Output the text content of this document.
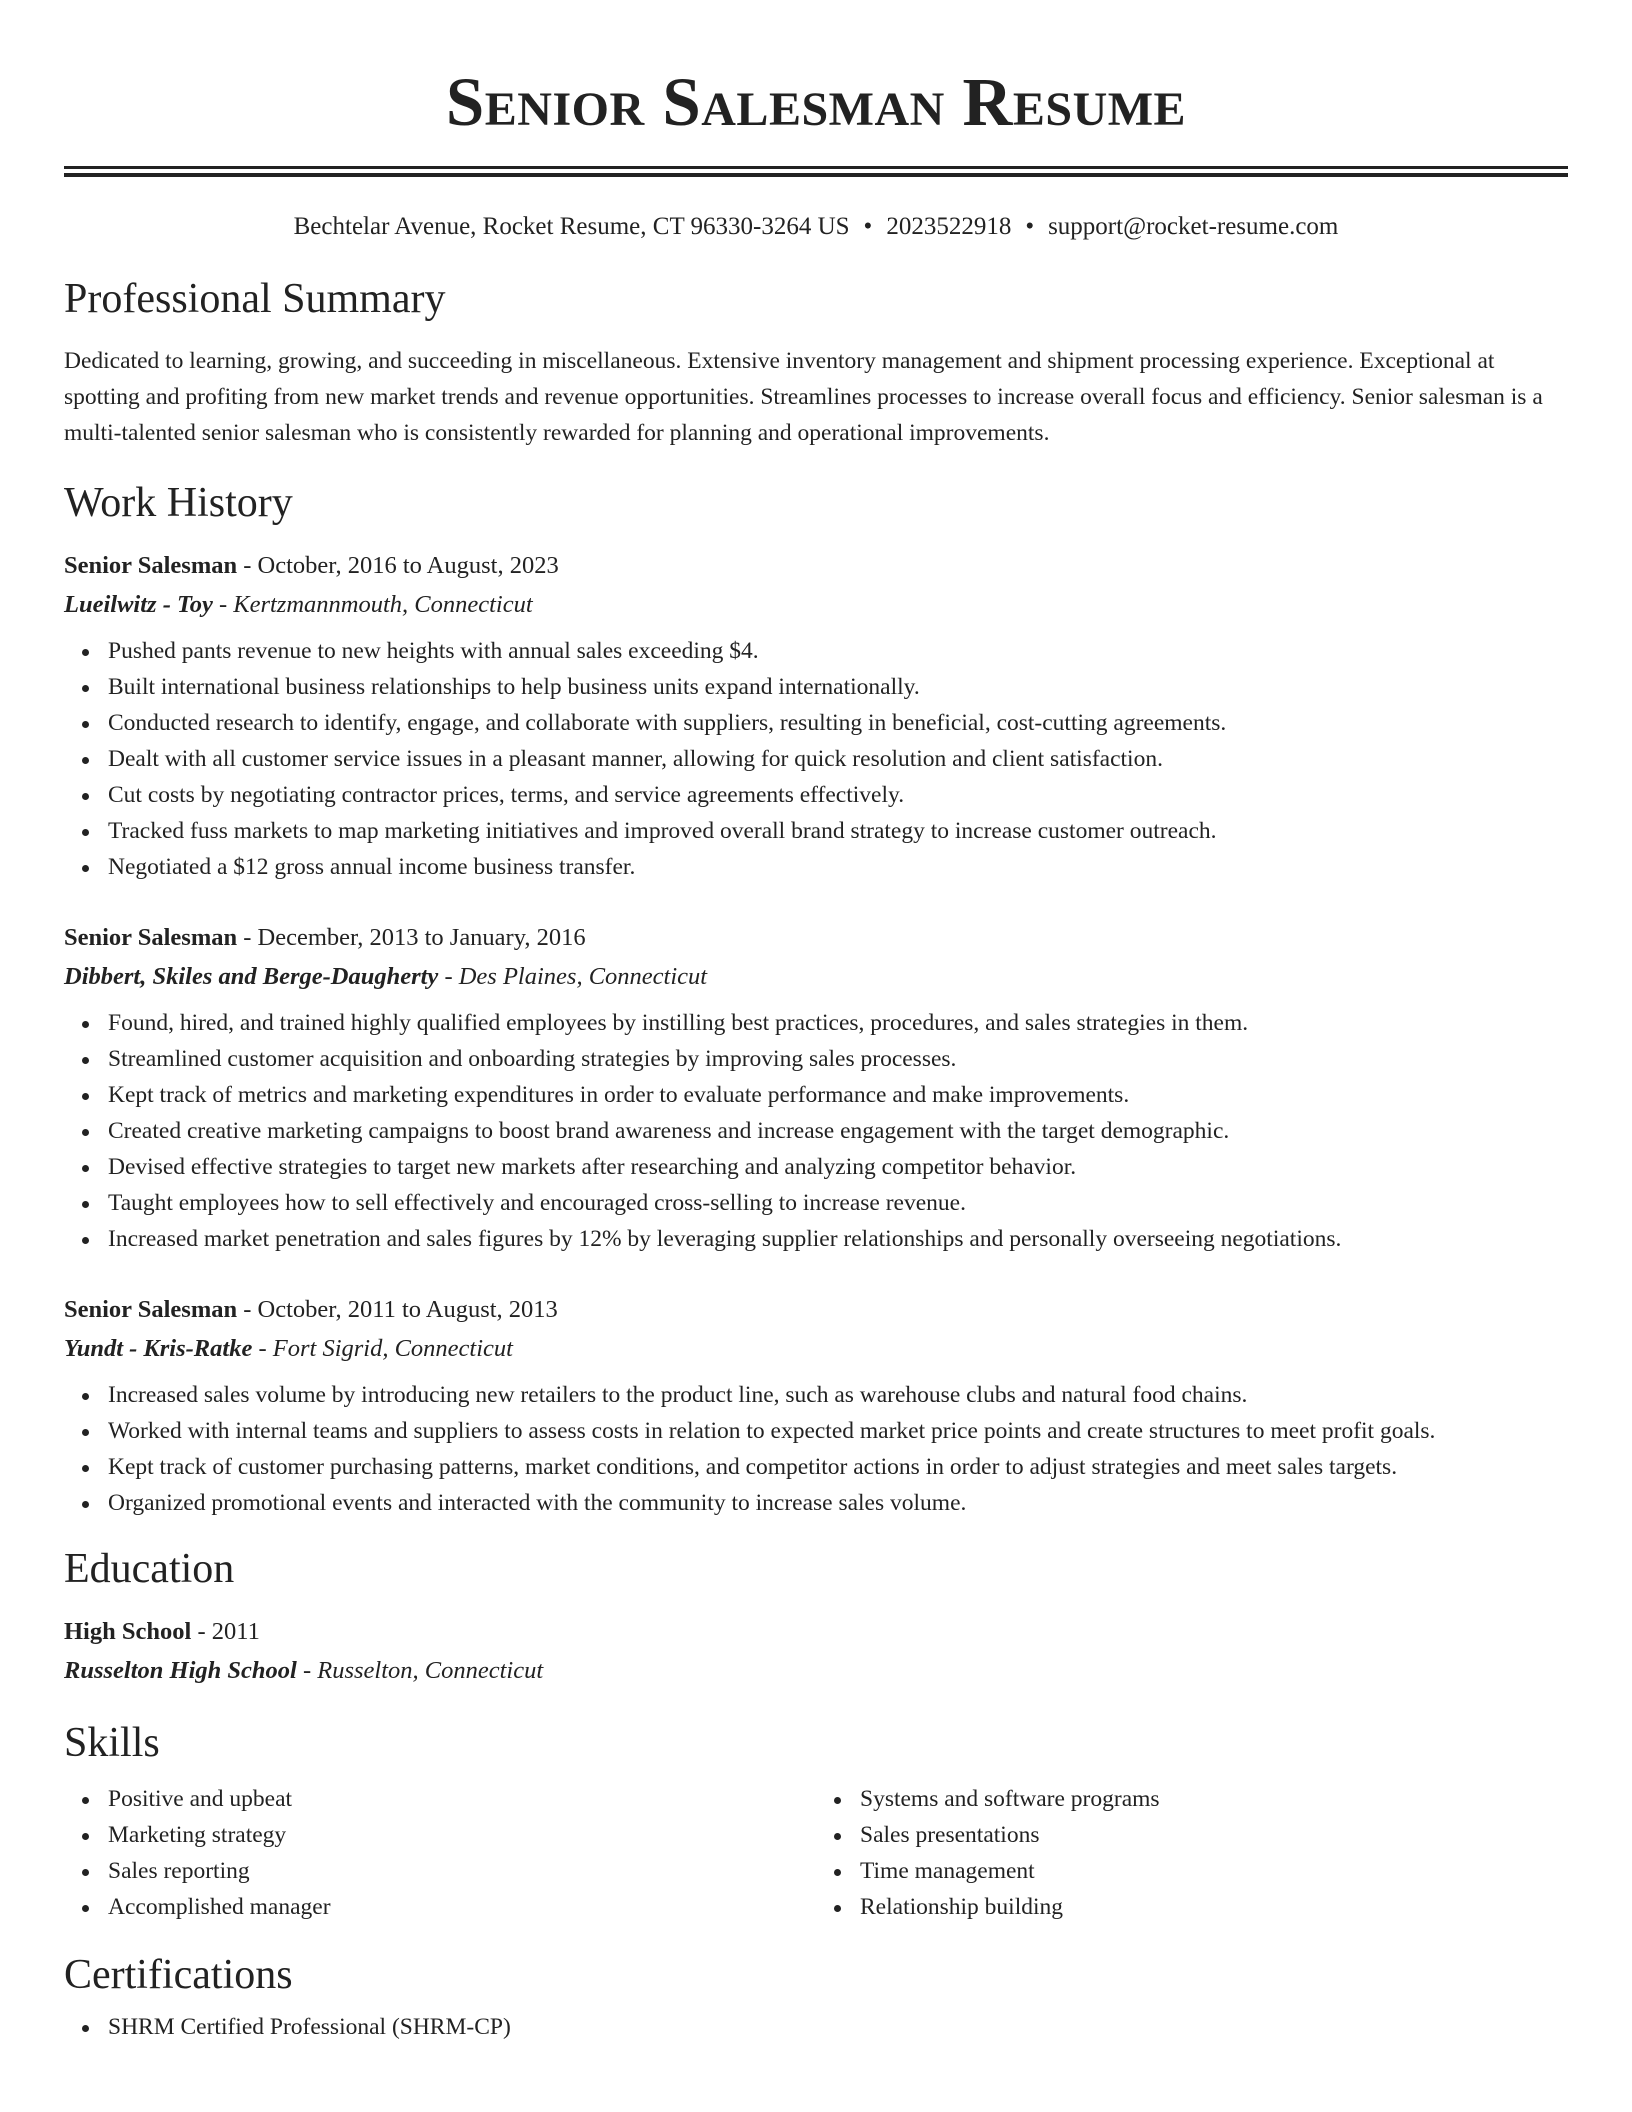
Senior Salesman Resume
Bechtelar Avenue, Rocket Resume, CT 96330-3264 US • 2023522918 • support@rocket-resume.com
Professional Summary

Dedicated to learning, growing, and succeeding in miscellaneous. Extensive inventory management and shipment processing experience. Exceptional at spotting and profiting from new market trends and revenue opportunities. Streamlines processes to increase overall focus and efficiency. Senior salesman is a multi-talented senior salesman who is consistently rewarded for planning and operational improvements.

Work History
Senior Salesman - October, 2016 to August, 2023
Lueilwitz - Toy - Kertzmannmouth, Connecticut
Pushed pants revenue to new heights with annual sales exceeding $4.
Built international business relationships to help business units expand internationally.
Conducted research to identify, engage, and collaborate with suppliers, resulting in beneficial, cost-cutting agreements.
Dealt with all customer service issues in a pleasant manner, allowing for quick resolution and client satisfaction.
Cut costs by negotiating contractor prices, terms, and service agreements effectively.
Tracked fuss markets to map marketing initiatives and improved overall brand strategy to increase customer outreach.
Negotiated a $12 gross annual income business transfer.
Senior Salesman - December, 2013 to January, 2016
Dibbert, Skiles and Berge-Daugherty - Des Plaines, Connecticut
Found, hired, and trained highly qualified employees by instilling best practices, procedures, and sales strategies in them.
Streamlined customer acquisition and onboarding strategies by improving sales processes.
Kept track of metrics and marketing expenditures in order to evaluate performance and make improvements.
Created creative marketing campaigns to boost brand awareness and increase engagement with the target demographic.
Devised effective strategies to target new markets after researching and analyzing competitor behavior.
Taught employees how to sell effectively and encouraged cross-selling to increase revenue.
Increased market penetration and sales figures by 12% by leveraging supplier relationships and personally overseeing negotiations.
Senior Salesman - October, 2011 to August, 2013
Yundt - Kris-Ratke - Fort Sigrid, Connecticut
Increased sales volume by introducing new retailers to the product line, such as warehouse clubs and natural food chains.
Worked with internal teams and suppliers to assess costs in relation to expected market price points and create structures to meet profit goals.
Kept track of customer purchasing patterns, market conditions, and competitor actions in order to adjust strategies and meet sales targets.
Organized promotional events and interacted with the community to increase sales volume.
Education
High School - 2011
Russelton High School - Russelton, Connecticut
Skills
Positive and upbeat
Marketing strategy
Sales reporting
Accomplished manager
Systems and software programs
Sales presentations
Time management
Relationship building
Certifications
SHRM Certified Professional (SHRM-CP)
